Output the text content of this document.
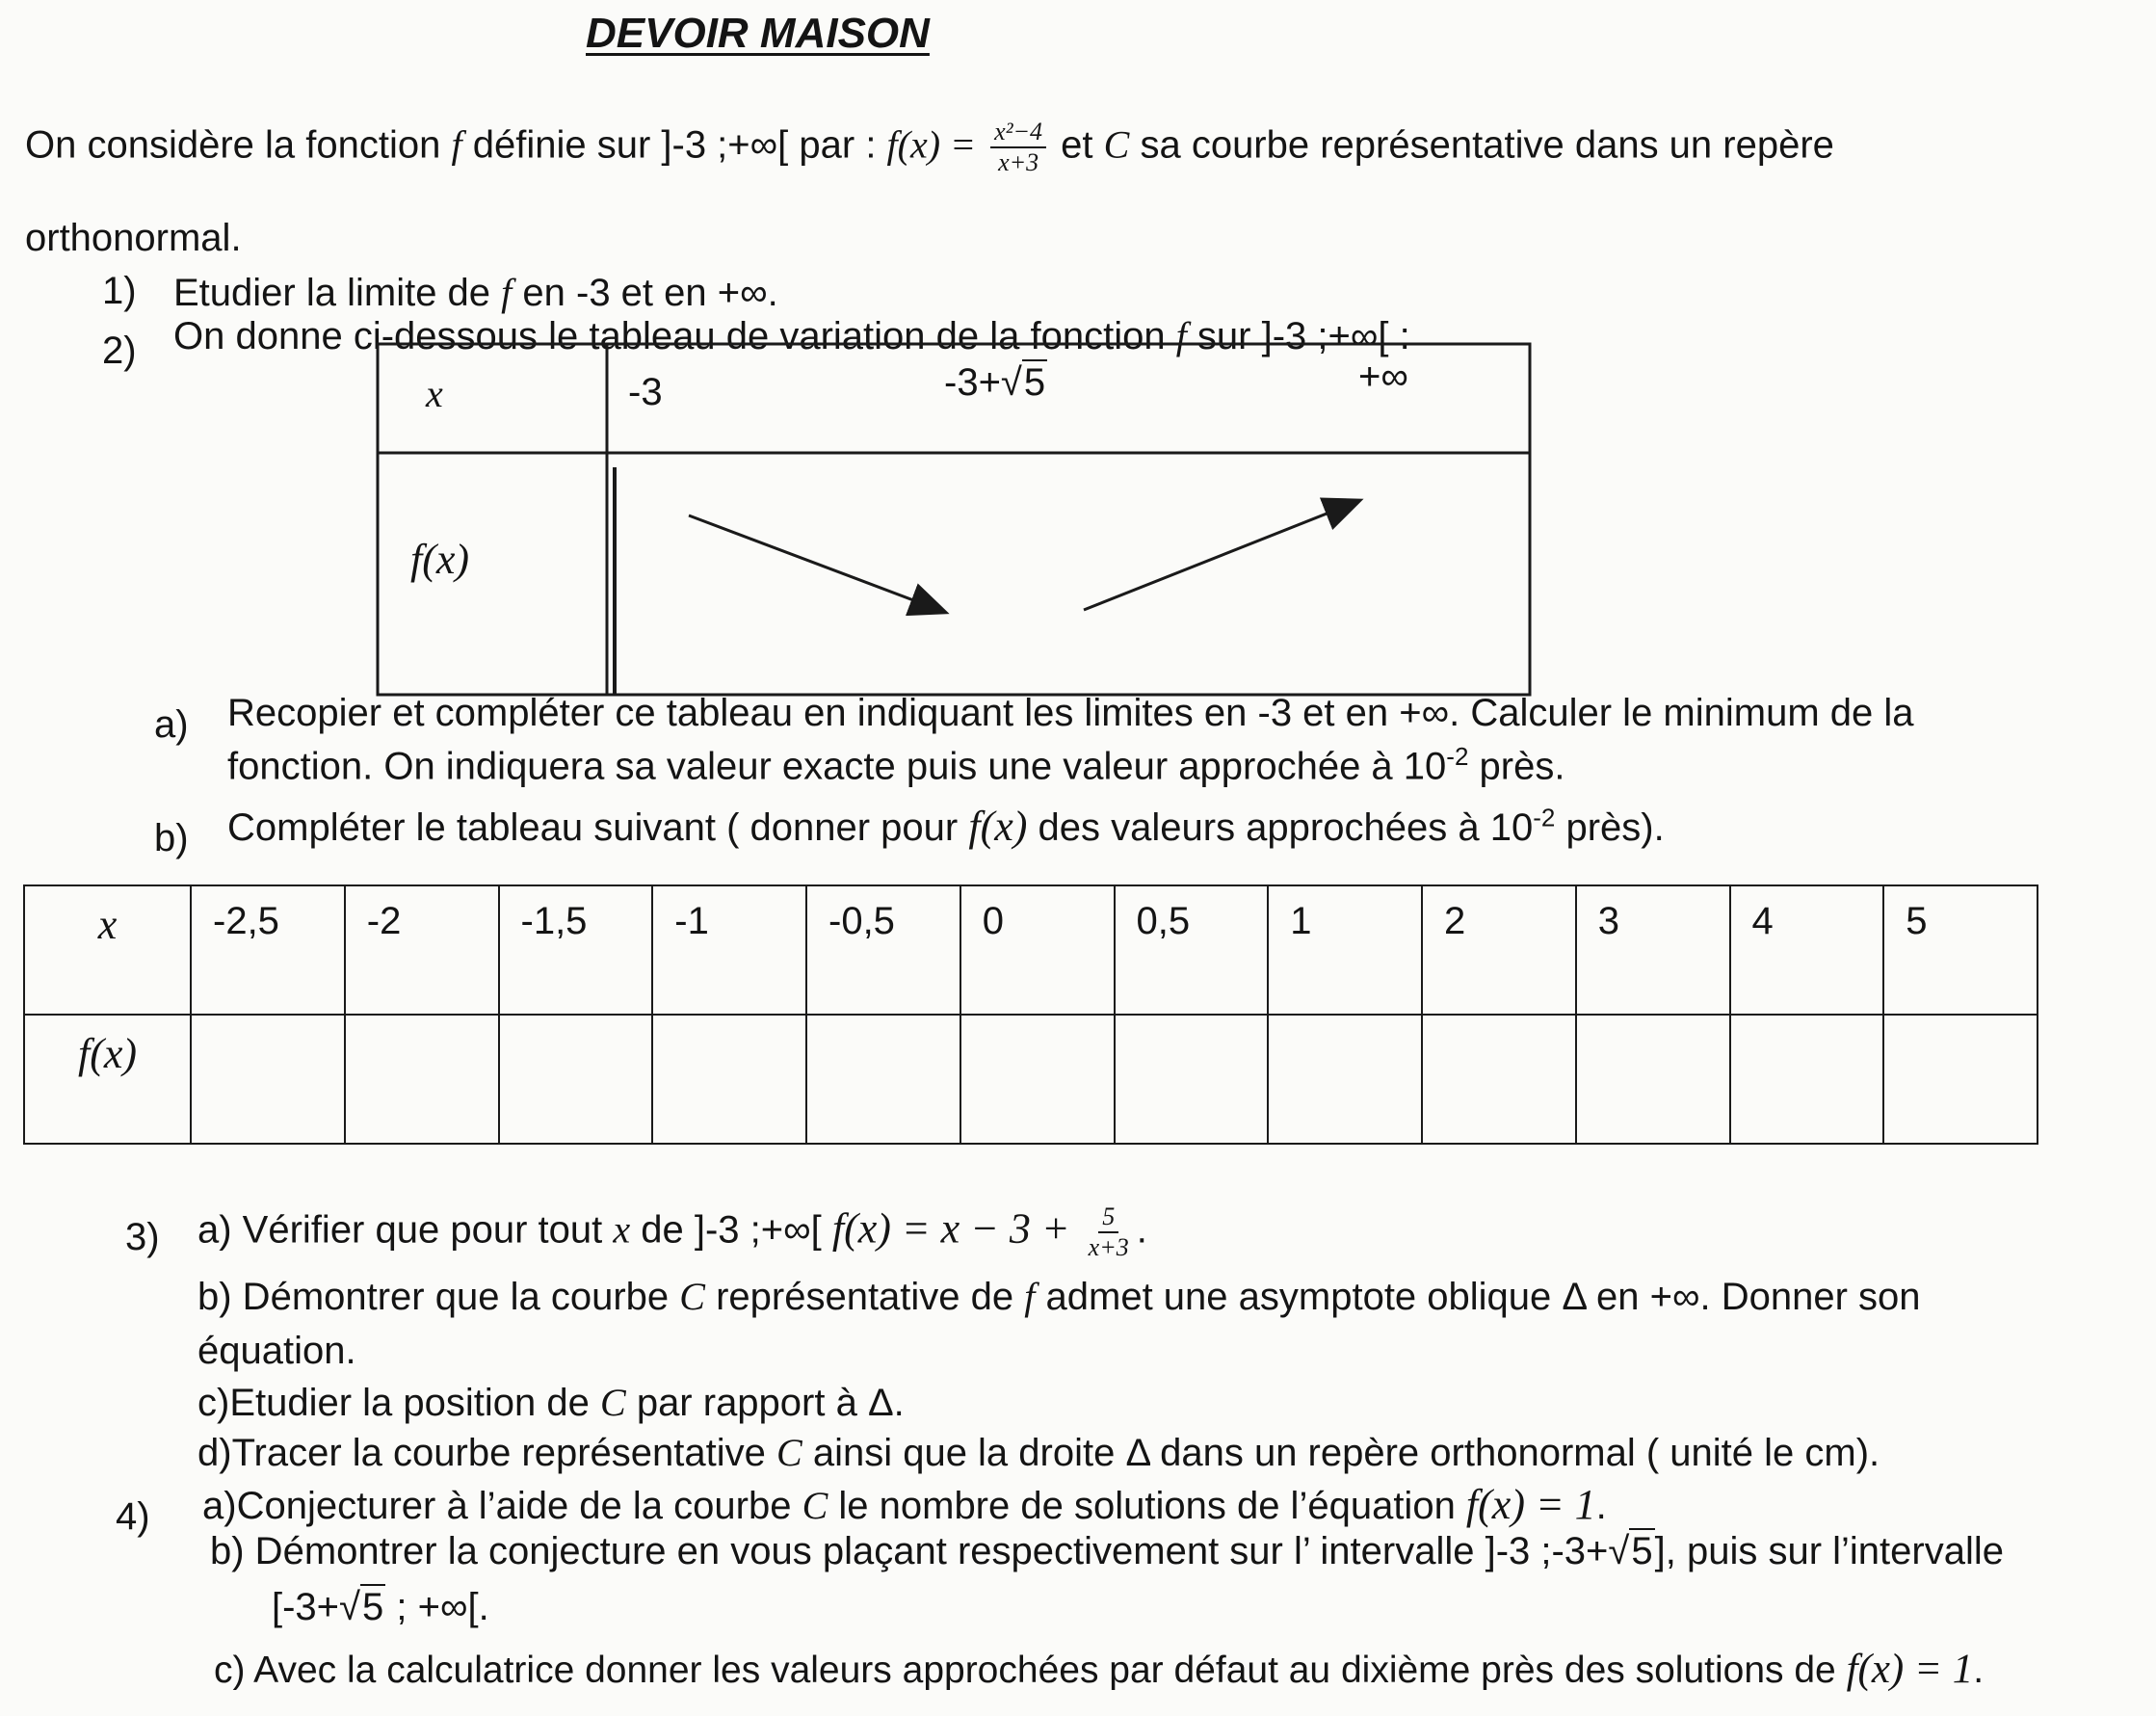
DEVOIR MAISON
On considère la fonction f définie sur ]-3 ;+∞[ par : $f(x) = \frac{\text{x²−4}}{x+3}$ et C sa courbe représentative dans un repère
orthonormal.
1) Etudier la limite de f en -3 et en +∞.
2) On donne ci-dessous le tableau de variation de la fonction f sur ]-3 ;+∞[ :
x	-3	-3+√5	+∞
f(x)
a) Recopier et compléter ce tableau en indiquant les limites en -3 et en +∞. Calculer le minimum de la
fonction. On indiquera sa valeur exacte puis une valeur approchée à $10^{-2}$ près.
b) Compléter le tableau suivant ( donner pour f(x) des valeurs approchées à $10^{-2}$ près).
x	-2,5	-2	-1,5	-1	-0,5	0	0,5	1	2	3	4	5
f(x)												
3) a) Vérifier que pour tout x de ]-3 ;+∞[ $f(x) = x - 3 + \frac{5}{x+3}$ .
b) Démontrer que la courbe C représentative de f admet une asymptote oblique Δ en +∞. Donner son
équation.
c)Etudier la position de C par rapport à Δ.
d)Tracer la courbe représentative C ainsi que la droite Δ dans un repère orthonormal ( unité le cm).
4) a)Conjecturer à l’aide de la courbe C le nombre de solutions de l’équation f(x) = 1.
b) Démontrer la conjecture en vous plaçant respectivement sur l’ intervalle ]-3 ;-3+√5], puis sur l’intervalle
[-3+√5 ; +∞[.
c) Avec la calculatrice donner les valeurs approchées par défaut au dixième près des solutions de f(x) = 1.
